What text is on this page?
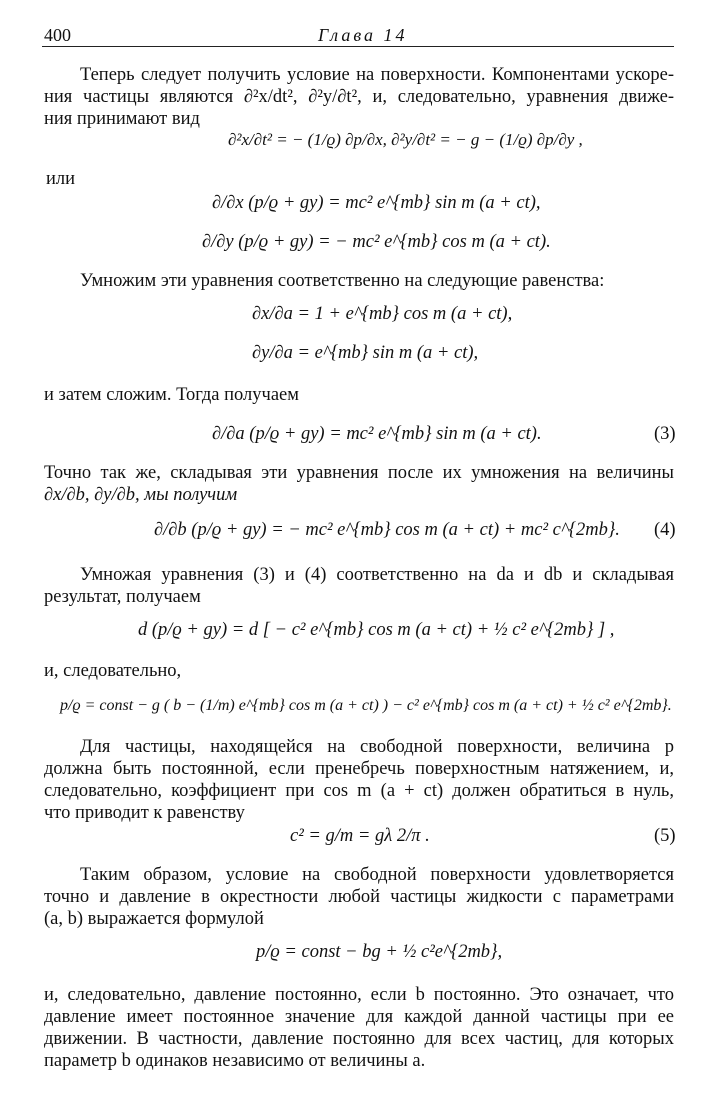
400	Глава 14
Теперь следует получить условие на поверхности. Компонентами ускоре-
ния частицы являются ∂²x/dt², ∂²y/∂t², и, следовательно, уравнения движе-
ния принимают вид
∂²x/∂t² = − (1/ϱ) ∂p/∂x, ∂²y/∂t² = − g − (1/ϱ) ∂p/∂y ,
или
∂/∂x (p/ϱ + gy) = mc² e^{mb} sin m (a + ct),
∂/∂y (p/ϱ + gy) = − mc² e^{mb} cos m (a + ct).
Умножим эти уравнения соответственно на следующие равенства:
∂x/∂a = 1 + e^{mb} cos m (a + ct),
∂y/∂a = e^{mb} sin m (a + ct),
и затем сложим. Тогда получаем
∂/∂a (p/ϱ + gy) = mc² e^{mb} sin m (a + ct).	(3)
Точно так же, складывая эти уравнения после их умножения на величины
∂x/∂b, ∂y/∂b, мы получим
∂/∂b (p/ϱ + gy) = − mc² e^{mb} cos m (a + ct) + mc² c^{2mb}. (4)
Умножая уравнения (3) и (4) соответственно на da и db и складывая
результат, получаем
d (p/ϱ + gy) = d [ − c² e^{mb} cos m (a + ct) + ½ c² e^{2mb} ] ,
и, следовательно,
p/ϱ = const − g ( b − (1/m) e^{mb} cos m (a + ct) ) − c² e^{mb} cos m (a + ct) + ½ c² e^{2mb}.
Для частицы, находящейся на свободной поверхности, величина p
должна быть постоянной, если пренебречь поверхностным натяжением, и,
следовательно, коэффициент при cos m (a + ct) должен обратиться в нуль,
что приводит к равенству
c² = g/m = gλ 2/π .	(5)
Таким образом, условие на свободной поверхности удовлетворяется
точно и давление в окрестности любой частицы жидкости с параметрами
(a, b) выражается формулой
p/ϱ = const − bg + ½ c²e^{2mb},
и, следовательно, давление постоянно, если b постоянно. Это означает, что
давление имеет постоянное значение для каждой данной частицы при ее
движении. В частности, давление постоянно для всех частиц, для которых
параметр b одинаков независимо от величины a.
